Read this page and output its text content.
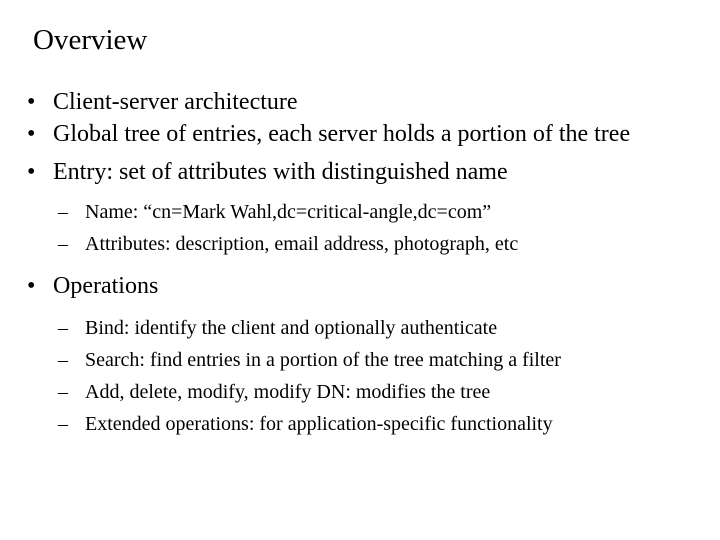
Overview
• Client-server architecture
• Global tree of entries, each server holds a portion of the tree
• Entry: set of attributes with distinguished name
– Name: “cn=Mark Wahl,dc=critical-angle,dc=com”
– Attributes: description, email address, photograph, etc
• Operations
– Bind: identify the client and optionally authenticate
– Search: find entries in a portion of the tree matching a filter
– Add, delete, modify, modify DN: modifies the tree
– Extended operations: for application-specific functionality
